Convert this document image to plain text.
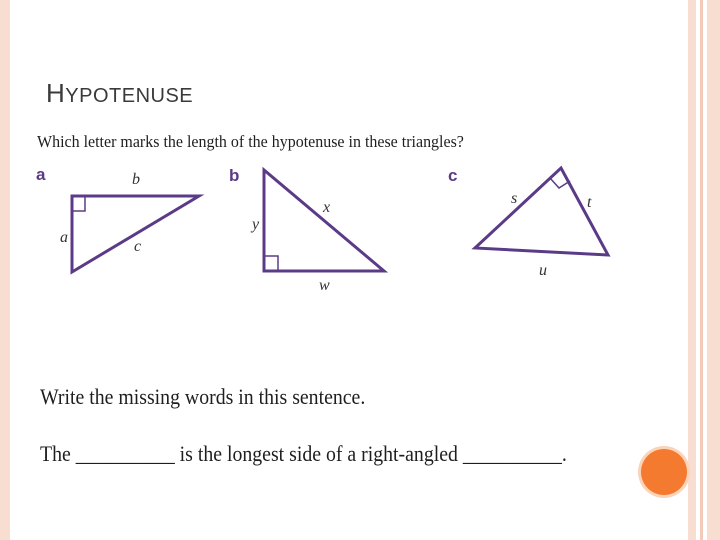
HYPOTENUSE
Which letter marks the length of the hypotenuse in these triangles?
a	b
a
c
b
x
y
w
c
s	t
u
Write the missing words in this sentence.
The __________ is the longest side of a right-angled __________.
